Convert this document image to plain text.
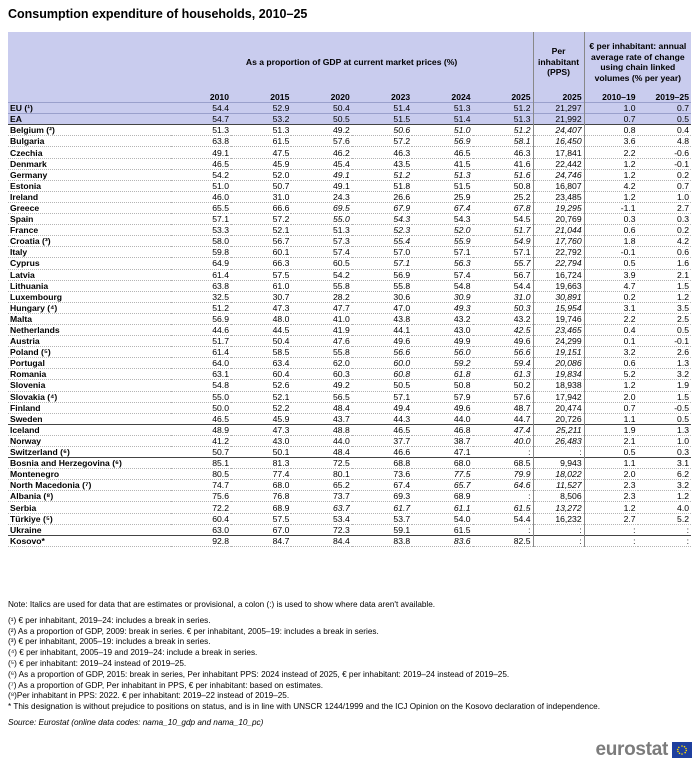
Consumption expenditure of households, 2010–25
	As a proportion of GDP at current market prices (%)						Per inhabitant (PPS)	€ per inhabitant: annual average rate of change using chain linked volumes (% per year)	
	2010	2015	2020	2023	2024	2025	2025	2010–19	2019–25
EU (¹)	54.4	52.9	50.4	51.4	51.3	51.2	21,297	1.0	0.7
EA	54.7	53.2	50.5	51.5	51.4	51.3	21,992	0.7	0.5
Belgium (²)	51.3	51.3	49.2	50.6	51.0	51.2	24,407	0.8	0.4
Bulgaria	63.8	61.5	57.6	57.2	56.9	58.1	16,450	3.6	4.8
Czechia	49.1	47.5	46.2	46.3	46.5	46.3	17,841	2.2	-0.6
Denmark	46.5	45.9	45.4	43.5	41.5	41.6	22,442	1.2	-0.1
Germany	54.2	52.0	49.1	51.2	51.3	51.6	24,746	1.2	0.2
Estonia	51.0	50.7	49.1	51.8	51.5	50.8	16,807	4.2	0.7
Ireland	46.0	31.0	24.3	26.6	25.9	25.2	23,485	1.2	1.0
Greece	65.5	66.6	69.5	67.9	67.4	67.8	19,295	-1.1	2.7
Spain	57.1	57.2	55.0	54.3	54.3	54.5	20,769	0.3	0.3
France	53.3	52.1	51.3	52.3	52.0	51.7	21,044	0.6	0.2
Croatia (³)	58.0	56.7	57.3	55.4	55.9	54.9	17,760	1.8	4.2
Italy	59.8	60.1	57.4	57.0	57.1	57.1	22,792	-0.1	0.6
Cyprus	64.9	66.3	60.5	57.1	56.3	55.7	22,794	0.5	1.6
Latvia	61.4	57.5	54.2	56.9	57.4	56.7	16,724	3.9	2.1
Lithuania	63.8	61.0	55.8	55.8	54.8	54.4	19,663	4.7	1.5
Luxembourg	32.5	30.7	28.2	30.6	30.9	31.0	30,891	0.2	1.2
Hungary (⁴)	51.2	47.3	47.7	47.0	49.3	50.3	15,954	3.1	3.5
Malta	56.9	48.0	41.0	43.8	43.2	43.2	19,746	2.2	2.5
Netherlands	44.6	44.5	41.9	44.1	43.0	42.5	23,465	0.4	0.5
Austria	51.7	50.4	47.6	49.6	49.9	49.6	24,299	0.1	-0.1
Poland (⁵)	61.4	58.5	55.8	56.6	56.0	56.6	19,151	3.2	2.6
Portugal	64.0	63.4	62.0	60.0	59.2	59.4	20,086	0.6	1.3
Romania	63.1	60.4	60.3	60.8	61.8	61.3	19,834	5.2	3.2
Slovenia	54.8	52.6	49.2	50.5	50.8	50.2	18,938	1.2	1.9
Slovakia (⁴)	55.0	52.1	56.5	57.1	57.9	57.6	17,942	2.0	1.5
Finland	50.0	52.2	48.4	49.4	49.6	48.7	20,474	0.7	-0.5
Sweden	46.5	45.9	43.7	44.3	44.0	44.7	20,726	1.1	0.5
Iceland	48.9	47.3	48.8	46.5	46.8	47.4	25,211	1.9	1.3
Norway	41.2	43.0	44.0	37.7	38.7	40.0	26,483	2.1	1.0
Switzerland (⁶)	50.7	50.1	48.4	46.6	47.1	:	:	0.5	0.3
Bosnia and Herzegovina (⁶)	85.1	81.3	72.5	68.8	68.0	68.5	9,943	1.1	3.1
Montenegro	80.5	77.4	80.1	73.6	77.5	79.9	18,022	2.0	6.2
North Macedonia (⁷)	74.7	68.0	65.2	67.4	65.7	64.6	11,527	2.3	3.2
Albania (⁸)	75.6	76.8	73.7	69.3	68.9	:	8,506	2.3	1.2
Serbia	72.2	68.9	63.7	61.7	61.1	61.5	13,272	1.2	4.0
Türkiye (⁵)	60.4	57.5	53.4	53.7	54.0	54.4	16,232	2.7	5.2
Ukraine	63.0	67.0	72.3	59.1	61.5	:	:	:	:
Kosovo*	92.8	84.7	84.4	83.8	83.6	82.5	:	:	:

Note: Italics are used for data that are estimates or provisional, a colon (:) is used to show where data aren't available.

(¹) € per inhabitant, 2019–24: includes a break in series.

(²) As a proportion of GDP, 2009: break in series. € per inhabitant, 2005–19: includes a break in series.

(³) € per inhabitant, 2005–19: includes a break in series.

(⁴) € per inhabitant, 2005–19 and 2019–24: include a break in series.

(⁵) € per inhabitant: 2019–24 instead of 2019–25.

(⁶) As a proportion of GDP, 2015: break in series, Per inhabitant PPS: 2024 instead of 2025, € per inhabitant: 2019–24 instead of 2019–25.

(⁷) As a proportion of GDP, Per inhabitant in PPS, € per inhabitant: based on estimates.

(⁸)Per inhabitant in PPS: 2022. € per inhabitant: 2019–22 instead of 2019–25.

* This designation is without prejudice to positions on status, and is in line with UNSCR 1244/1999 and the ICJ Opinion on the Kosovo declaration of independence.

Source: Eurostat (online data codes: nama_10_gdp and nama_10_pc)

eurostat
